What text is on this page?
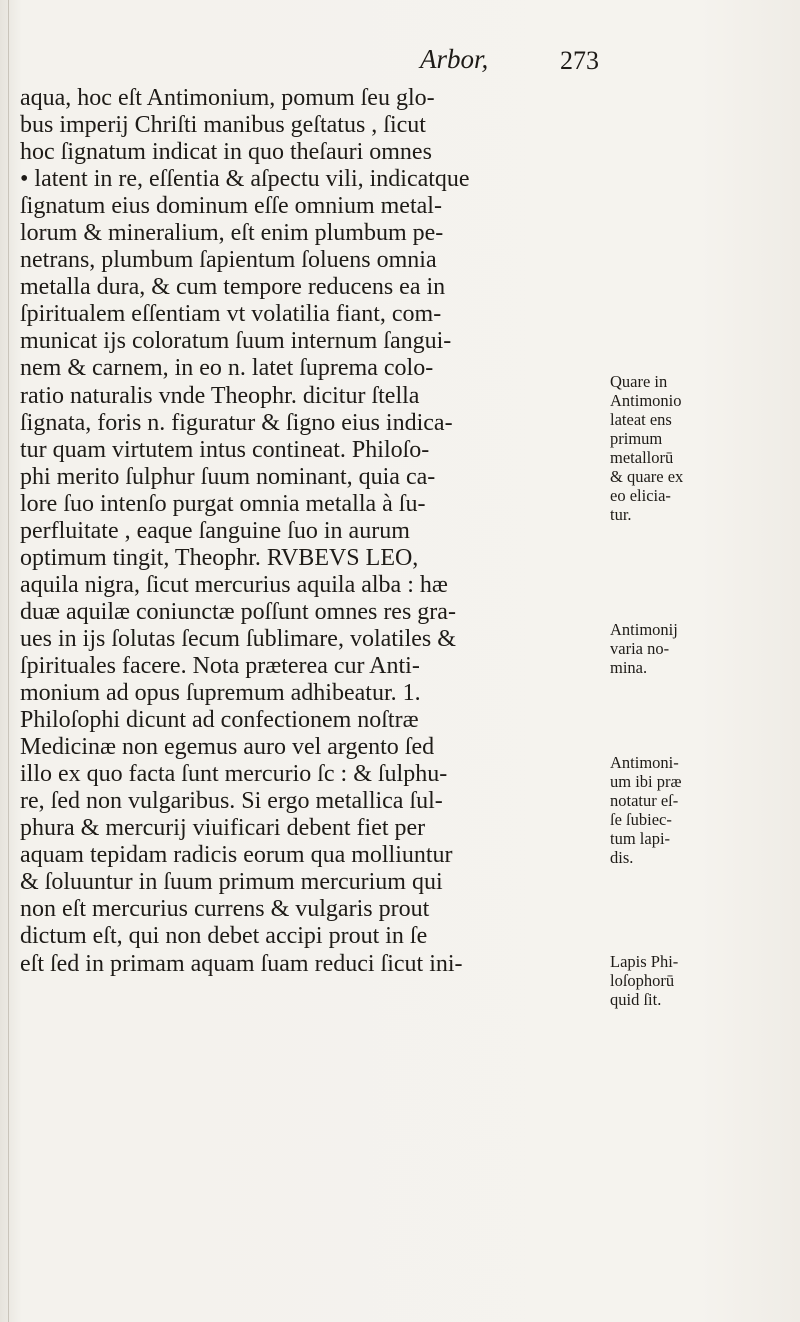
Arbor,	273
aqua, hoc eſt Antimonium, pomum ſeu glo-
bus imperij Chriſti manibus geſtatus , ſicut
hoc ſignatum indicat in quo theſauri omnes
• latent in re, eſſentia & aſpectu vili, indicatque
ſignatum eius dominum eſſe omnium metal-
lorum & mineralium, eſt enim plumbum pe-
netrans, plumbum ſapientum ſoluens omnia
metalla dura, & cum tempore reducens ea in
ſpiritualem eſſentiam vt volatilia fiant, com-
municat ijs coloratum ſuum internum ſangui-
nem & carnem, in eo n. latet ſuprema colo-
ratio naturalis vnde Theophr. dicitur ſtella
ſignata, foris n. figuratur & ſigno eius indica-
tur quam virtutem intus contineat. Philoſo-
phi merito ſulphur ſuum nominant, quia ca-
lore ſuo intenſo purgat omnia metalla à ſu-
perfluitate , eaque ſanguine ſuo in aurum
optimum tingit, Theophr. RVBEVS LEO,
aquila nigra, ſicut mercurius aquila alba : hæ
duæ aquilæ coniunctæ poſſunt omnes res gra-
ues in ijs ſolutas ſecum ſublimare, volatiles &
ſpirituales facere. Nota præterea cur Anti-
monium ad opus ſupremum adhibeatur. 1.
Philoſophi dicunt ad confectionem noſtræ
Medicinæ non egemus auro vel argento ſed
illo ex quo facta ſunt mercurio ſc : & ſulphu-
re, ſed non vulgaribus. Si ergo metallica ſul-
phura & mercurij viuificari debent fiet per
aquam tepidam radicis eorum qua molliuntur
& ſoluuntur in ſuum primum mercurium qui
non eſt mercurius currens & vulgaris prout
dictum eſt, qui non debet accipi prout in ſe
eſt ſed in primam aquam ſuam reduci ſicut ini-
Quare in
Antimonio
lateat ens
primum
metallorū
& quare ex
eo elicia-
tur.
Antimonij
varia no-
mina.
Antimoni-
um ibi præ
notatur eſ-
ſe ſubiec-
tum lapi-
dis.
Lapis Phi-
loſophorū
quid ſit.
